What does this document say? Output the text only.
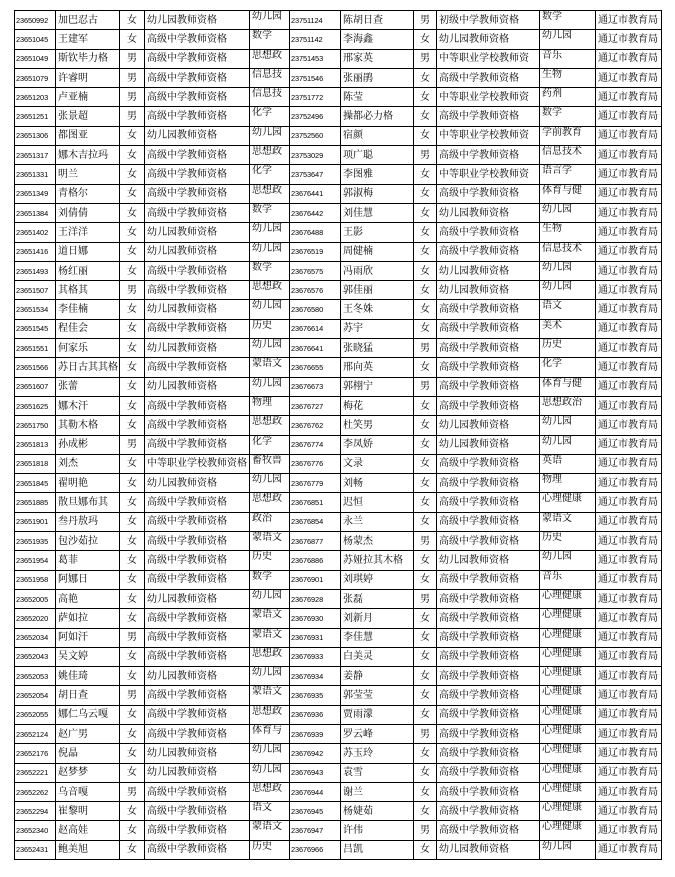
23650992	加巴忍古	女	幼儿园教师资格	幼儿园	23751124	陈胡日查	男	初级中学教师资格	数学	通辽市教育局
23651045	王建军	女	高级中学教师资格	数学	23751142	李海鑫	女	幼儿园教师资格	幼儿园	通辽市教育局
23651049	斯钦毕力格	男	高级中学教师资格	思想政	23751453	邢家英	男	中等职业学校教师资	音乐	通辽市教育局
23651079	许睿明	男	高级中学教师资格	信息技	23751546	张丽鹃	女	高级中学教师资格	生物	通辽市教育局
23651203	卢亚楠	男	高级中学教师资格	信息技	23751772	陈莹	女	中等职业学校教师资	药剂	通辽市教育局
23651251	张景超	男	高级中学教师资格	化学	23752496	操都必力格	女	高级中学教师资格	数学	通辽市教育局
23651306	都图亚	女	幼儿园教师资格	幼儿园	23752560	宿颜	女	中等职业学校教师资	学前教育	通辽市教育局
23651317	娜木吉拉玛	女	高级中学教师资格	思想政	23753029	项广聪	男	高级中学教师资格	信息技术	通辽市教育局
23651331	明兰	女	高级中学教师资格	化学	23753647	李图雅	女	中等职业学校教师资	语言学	通辽市教育局
23651349	青格尔	女	高级中学教师资格	思想政	23676441	郭淑梅	女	高级中学教师资格	体育与健	通辽市教育局
23651384	刘倩倩	女	高级中学教师资格	数学	23676442	刘佳慧	女	幼儿园教师资格	幼儿园	通辽市教育局
23651402	王洋洋	女	幼儿园教师资格	幼儿园	23676488	王影	女	高级中学教师资格	生物	通辽市教育局
23651416	道日娜	女	幼儿园教师资格	幼儿园	23676519	周健楠	女	高级中学教师资格	信息技术	通辽市教育局
23651493	杨红丽	女	高级中学教师资格	数学	23676575	冯雨欣	女	幼儿园教师资格	幼儿园	通辽市教育局
23651507	其格其	男	高级中学教师资格	思想政	23676576	郭佳丽	女	幼儿园教师资格	幼儿园	通辽市教育局
23651534	李佳楠	女	幼儿园教师资格	幼儿园	23676580	王冬姝	女	高级中学教师资格	语文	通辽市教育局
23651545	程佳会	女	高级中学教师资格	历史	23676614	苏宇	女	高级中学教师资格	美术	通辽市教育局
23651551	何家乐	女	幼儿园教师资格	幼儿园	23676641	张晓猛	男	高级中学教师资格	历史	通辽市教育局
23651566	苏日古其其格	女	高级中学教师资格	蒙语文	23676655	邢向英	女	高级中学教师资格	化学	通辽市教育局
23651607	张蕾	女	幼儿园教师资格	幼儿园	23676673	郭栩宁	男	高级中学教师资格	体育与健	通辽市教育局
23651625	娜木汗	女	高级中学教师资格	物理	23676727	梅花	女	高级中学教师资格	思想政治	通辽市教育局
23651750	其勒木格	女	高级中学教师资格	思想政	23676762	杜笑男	女	幼儿园教师资格	幼儿园	通辽市教育局
23651813	孙成彬	男	高级中学教师资格	化学	23676774	李凤娇	女	幼儿园教师资格	幼儿园	通辽市教育局
23651818	刘杰	女	中等职业学校教师资格	畜牧兽	23676776	文录	女	高级中学教师资格	英语	通辽市教育局
23651845	翟明艳	女	幼儿园教师资格	幼儿园	23676779	刘畅	女	高级中学教师资格	物理	通辽市教育局
23651885	散旦娜布其	女	高级中学教师资格	思想政	23676851	迟恒	女	高级中学教师资格	心理健康	通辽市教育局
23651901	叁丹敖玛	女	高级中学教师资格	政治	23676854	永兰	女	高级中学教师资格	蒙语文	通辽市教育局
23651935	包沙茹拉	女	高级中学教师资格	蒙语文	23676877	杨蒙杰	男	高级中学教师资格	历史	通辽市教育局
23651954	葛菲	女	高级中学教师资格	历史	23676886	苏娅拉其木格	女	幼儿园教师资格	幼儿园	通辽市教育局
23651958	阿娜日	女	高级中学教师资格	数学	23676901	刘琪婷	女	高级中学教师资格	音乐	通辽市教育局
23652005	高艳	女	幼儿园教师资格	幼儿园	23676928	张磊	男	高级中学教师资格	心理健康	通辽市教育局
23652020	萨如拉	女	高级中学教师资格	蒙语文	23676930	刘新月	女	高级中学教师资格	心理健康	通辽市教育局
23652034	阿如汗	男	高级中学教师资格	蒙语文	23676931	李佳慧	女	高级中学教师资格	心理健康	通辽市教育局
23652043	吴文婷	女	高级中学教师资格	思想政	23676933	白美灵	女	高级中学教师资格	心理健康	通辽市教育局
23652053	姚佳琦	女	幼儿园教师资格	幼儿园	23676934	姜静	女	高级中学教师资格	心理健康	通辽市教育局
23652054	胡日查	男	高级中学教师资格	蒙语文	23676935	郭莹莹	女	高级中学教师资格	心理健康	通辽市教育局
23652055	娜仁乌云嘎	女	高级中学教师资格	思想政	23676936	贾雨濛	女	高级中学教师资格	心理健康	通辽市教育局
23652124	赵广男	女	高级中学教师资格	体育与	23676939	罗云峰	男	高级中学教师资格	心理健康	通辽市教育局
23652176	倪晶	女	幼儿园教师资格	幼儿园	23676942	苏玉玲	女	高级中学教师资格	心理健康	通辽市教育局
23652221	赵梦梦	女	幼儿园教师资格	幼儿园	23676943	袁雪	女	高级中学教师资格	心理健康	通辽市教育局
23652262	乌音嘎	男	高级中学教师资格	思想政	23676944	谢兰	女	高级中学教师资格	心理健康	通辽市教育局
23652294	崔黎明	女	高级中学教师资格	语文	23676945	杨婕茹	女	高级中学教师资格	心理健康	通辽市教育局
23652340	赵高娃	女	高级中学教师资格	蒙语文	23676947	许伟	男	高级中学教师资格	心理健康	通辽市教育局
23652431	鲍美旭	女	高级中学教师资格	历史	23676966	吕凯	女	幼儿园教师资格	幼儿园	通辽市教育局
